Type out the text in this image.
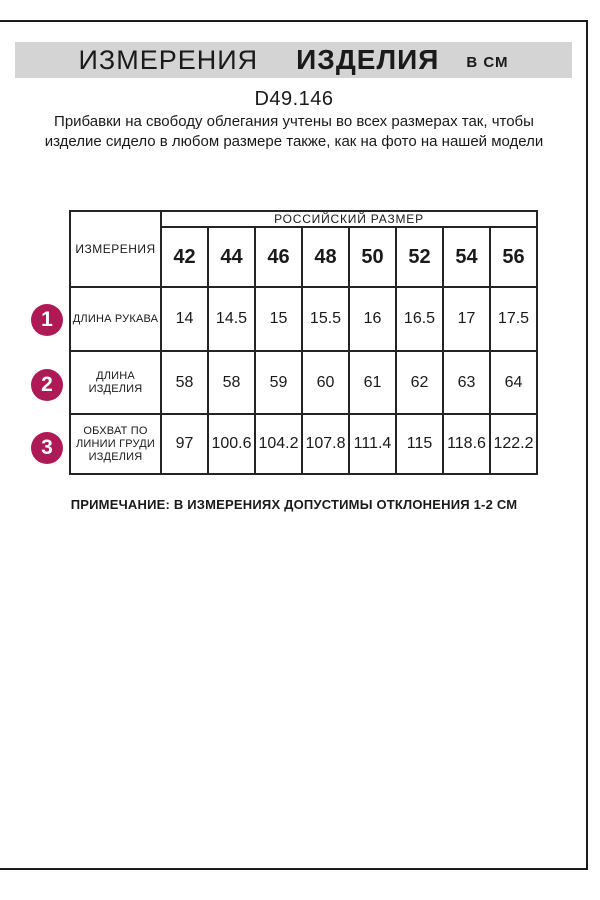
ИЗМЕРЕНИЯ ИЗДЕЛИЯ В СМ
D49.146
Прибавки на свободу облегания учтены во всех размерах так, чтобы изделие сидело в любом размере также, как на фото на нашей модели
ИЗМЕРЕНИЯ	РОССИЙСКИЙ РАЗМЕР							
	42	44	46	48	50	52	54	56
ДЛИНА РУКАВА	14	14.5	15	15.5	16	16.5	17	17.5
ДЛИНА ИЗДЕЛИЯ	58	58	59	60	61	62	63	64
ОБХВАТ ПО ЛИНИИ ГРУДИ ИЗДЕЛИЯ	97	100.6	104.2	107.8	111.4	115	118.6	122.2
1
2
3
ПРИМЕЧАНИЕ: В ИЗМЕРЕНИЯХ ДОПУСТИМЫ ОТКЛОНЕНИЯ 1-2 СМ
